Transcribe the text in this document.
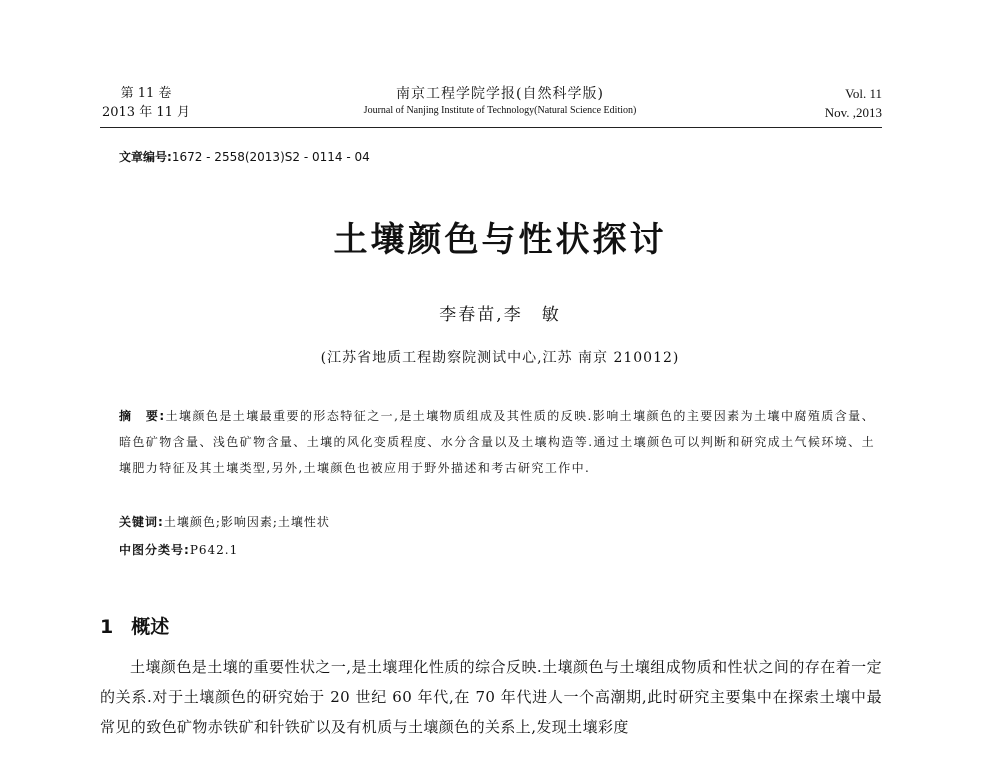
第 11 卷
2013 年 11 月
南京工程学院学报(自然科学版)
Journal of Nanjing Institute of Technology(Natural Science Edition)
Vol. 11
Nov. ,2013
文章编号:1672 - 2558(2013)S2 - 0114 - 04
土壤颜色与性状探讨
李春苗,李　敏
(江苏省地质工程勘察院测试中心,江苏 南京 210012)
摘　要:土壤颜色是土壤最重要的形态特征之一,是土壤物质组成及其性质的反映.影响土壤颜色的主要因素为土壤中腐殖质含量、暗色矿物含量、浅色矿物含量、土壤的风化变质程度、水分含量以及土壤构造等.通过土壤颜色可以判断和研究成土气候环境、土壤肥力特征及其土壤类型,另外,土壤颜色也被应用于野外描述和考古研究工作中.
关键词:土壤颜色;影响因素;土壤性状
中图分类号:P642.1
1 概述

土壤颜色是土壤的重要性状之一,是土壤理化性质的综合反映.土壤颜色与土壤组成物质和性状之间的存在着一定的关系.对于土壤颜色的研究始于 20 世纪 60 年代,在 70 年代进人一个高潮期,此时研究主要集中在探索土壤中最常见的致色矿物赤铁矿和针铁矿以及有机质与土壤颜色的关系上,发现土壤彩度
